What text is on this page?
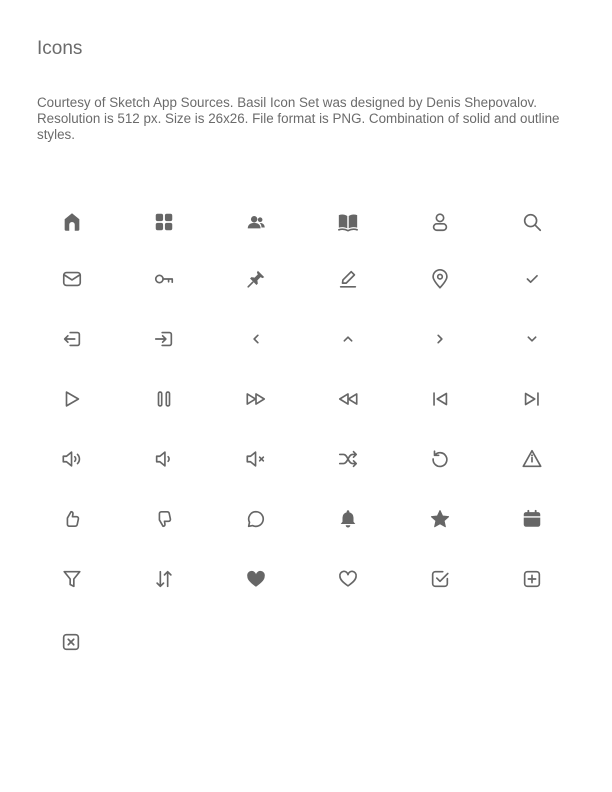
Icons

Courtesy of Sketch App Sources. Basil Icon Set was designed by Denis Shepovalov. Resolution is 512 px. Size is 26x26. File format is PNG. Combination of solid and outline styles.
